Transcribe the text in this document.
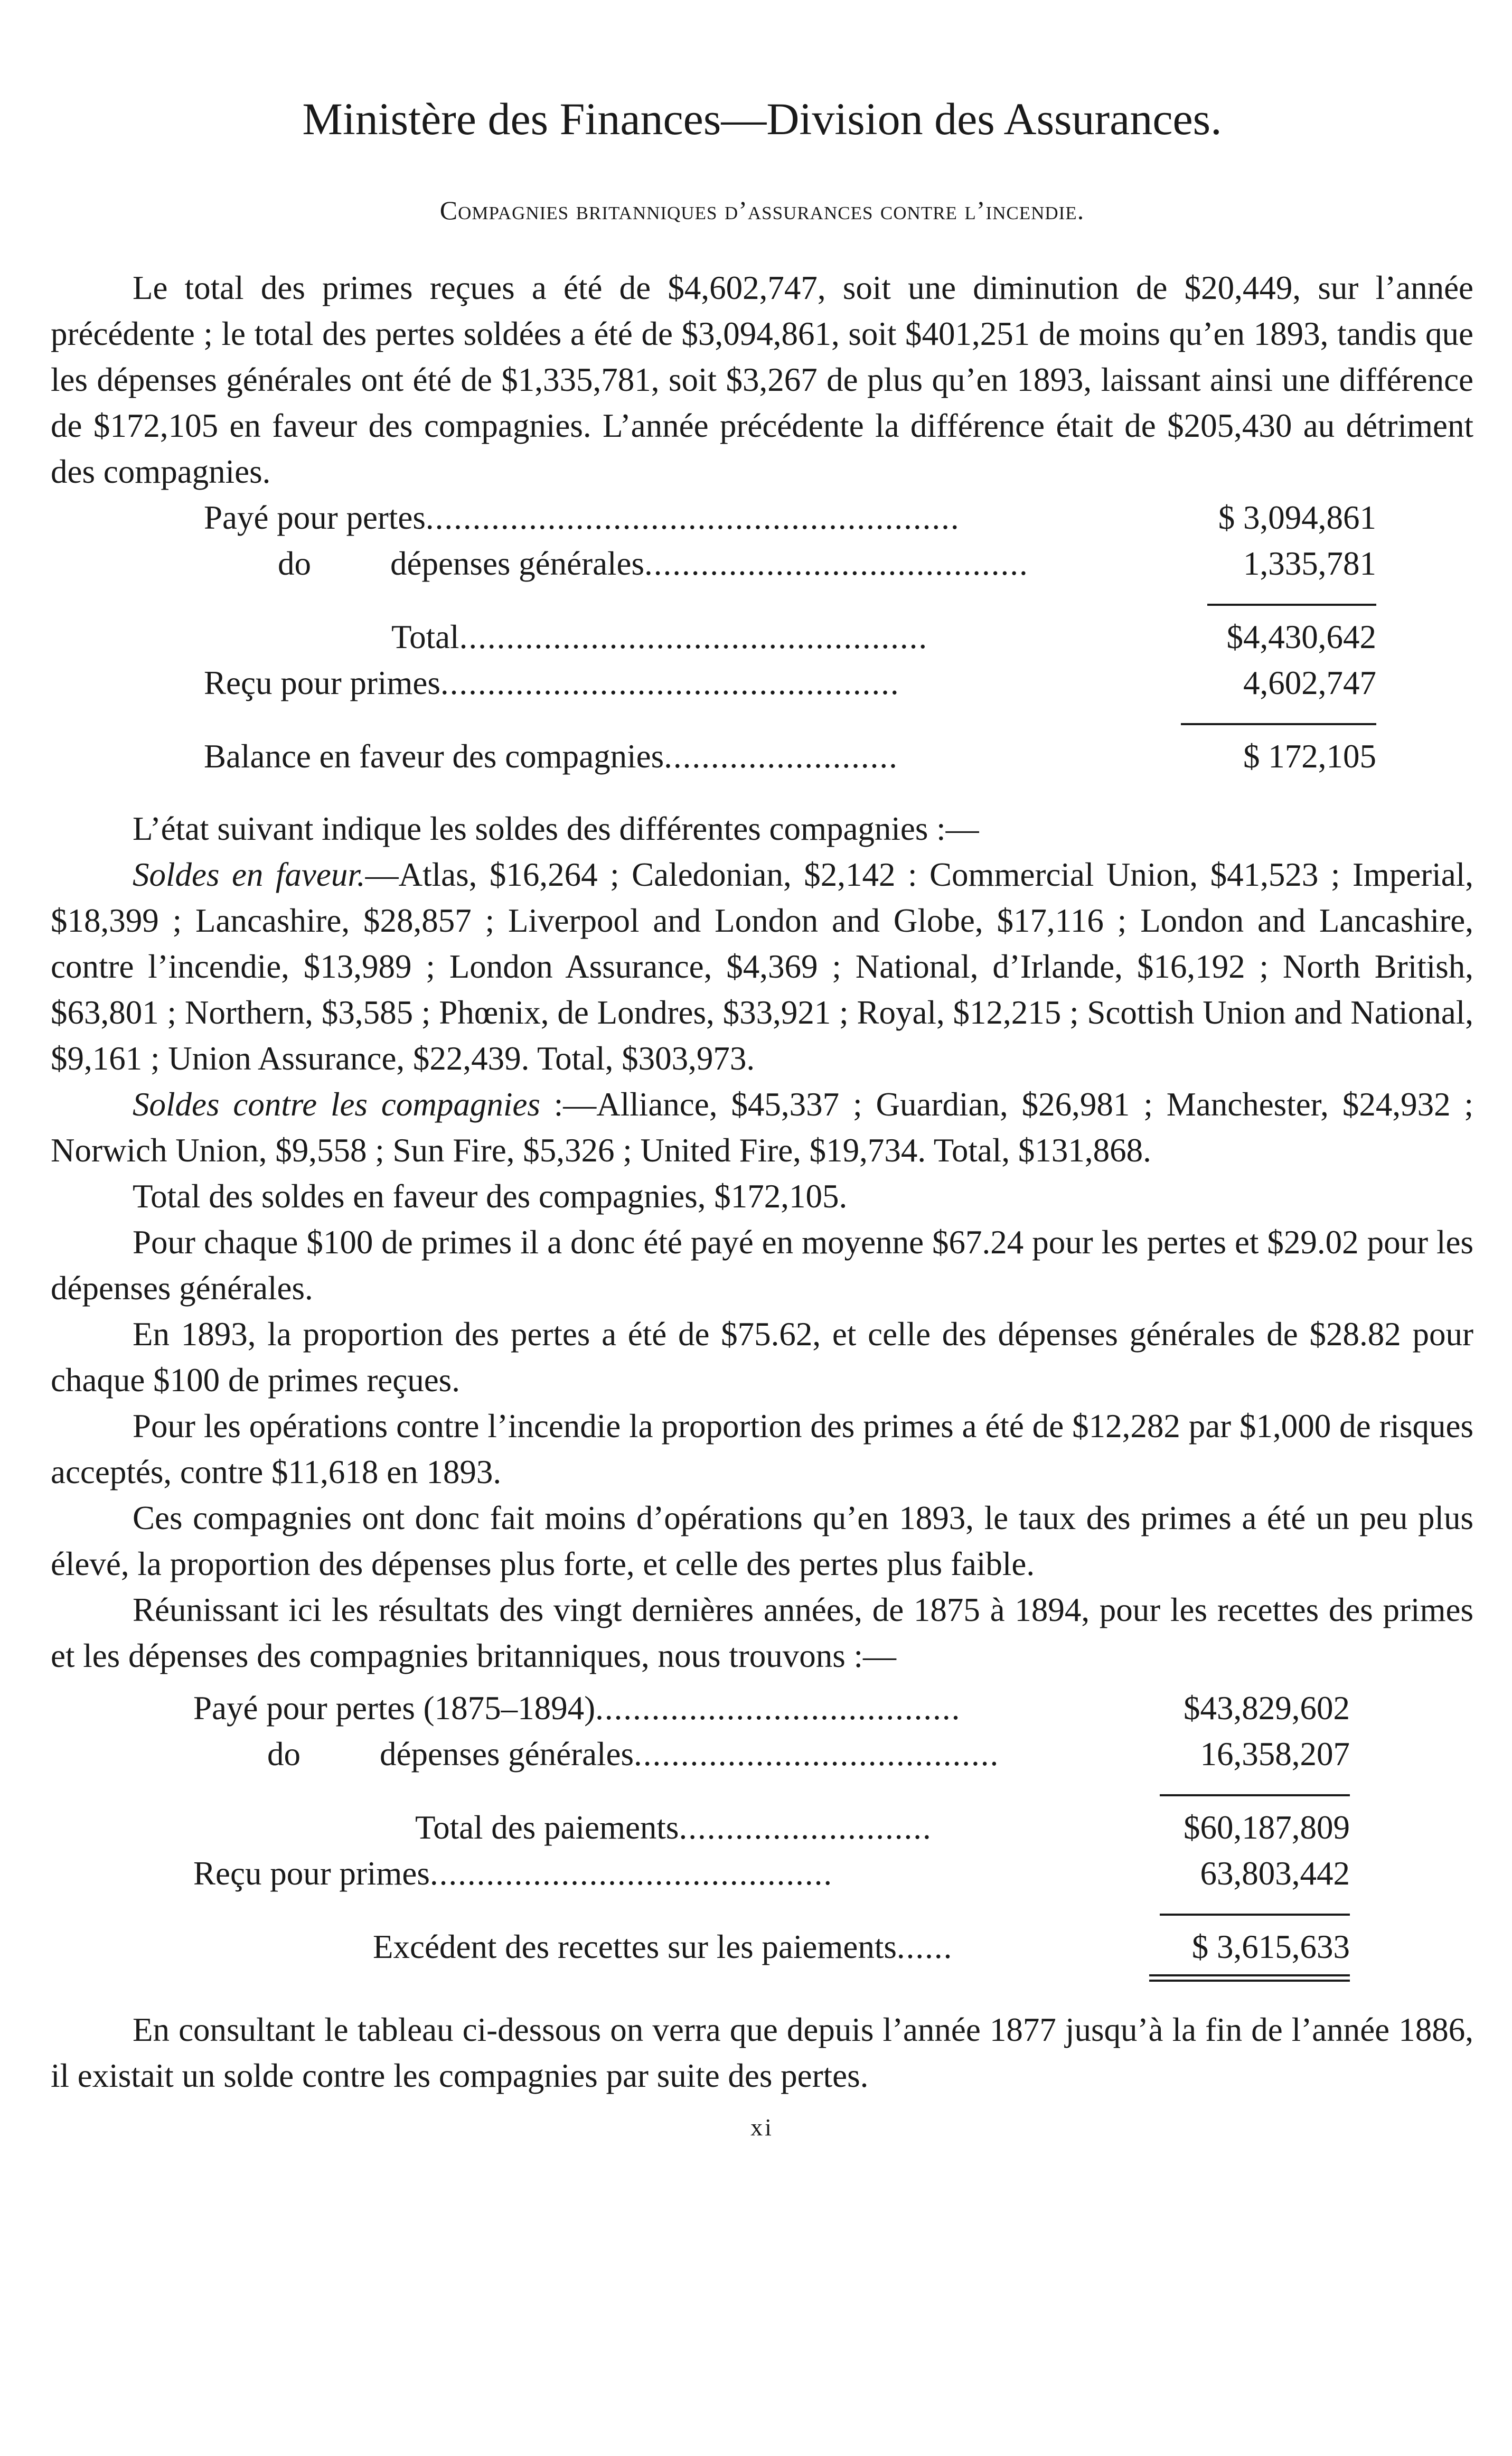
Ministère des Finances—Division des Assurances.
Compagnies britanniques d’assurances contre l’incendie.

Le total des primes reçues a été de $4,602,747, soit une diminution de $20,449, sur l’année précédente ; le total des pertes soldées a été de $3,094,861, soit $401,251 de moins qu’en 1893, tandis que les dépenses générales ont été de $1,335,781, soit $3,267 de plus qu’en 1893, laissant ainsi une différence de $172,105 en faveur des compagnies. L’année précédente la différence était de $205,430 au détriment des compagnies.

Payé pour pertes.........................................................	$ 3,094,861
do dépenses générales.........................................	1,335,781
Total..................................................	$4,430,642
Reçu pour primes.................................................	4,602,747
Balance en faveur des compagnies.........................	$ 172,105

L’état suivant indique les soldes des différentes compagnies :—

Soldes en faveur.—Atlas, $16,264 ; Caledonian, $2,142 : Commercial Union, $41,523 ; Imperial, $18,399 ; Lancashire, $28,857 ; Liverpool and London and Globe, $17,116 ; London and Lancashire, contre l’incendie, $13,989 ; London Assurance, $4,369 ; National, d’Irlande, $16,192 ; North British, $63,801 ; Northern, $3,585 ; Phœnix, de Londres, $33,921 ; Royal, $12,215 ; Scottish Union and National, $9,161 ; Union Assurance, $22,439. Total, $303,973.

Soldes contre les compagnies :—Alliance, $45,337 ; Guardian, $26,981 ; Manchester, $24,932 ; Norwich Union, $9,558 ; Sun Fire, $5,326 ; United Fire, $19,734. Total, $131,868.

Total des soldes en faveur des compagnies, $172,105.

Pour chaque $100 de primes il a donc été payé en moyenne $67.24 pour les pertes et $29.02 pour les dépenses générales.

En 1893, la proportion des pertes a été de $75.62, et celle des dépenses générales de $28.82 pour chaque $100 de primes reçues.

Pour les opérations contre l’incendie la proportion des primes a été de $12,282 par $1,000 de risques acceptés, contre $11,618 en 1893.

Ces compagnies ont donc fait moins d’opérations qu’en 1893, le taux des primes a été un peu plus élevé, la proportion des dépenses plus forte, et celle des pertes plus faible.

Réunissant ici les résultats des vingt dernières années, de 1875 à 1894, pour les recettes des primes et les dépenses des compagnies britanniques, nous trouvons :—

Payé pour pertes (1875–1894).......................................	$43,829,602
do dépenses générales.......................................	16,358,207
Total des paiements...........................	$60,187,809
Reçu pour primes...........................................	63,803,442
Excédent des recettes sur les paiements......	$ 3,615,633

En consultant le tableau ci-dessous on verra que depuis l’année 1877 jusqu’à la fin de l’année 1886, il existait un solde contre les compagnies par suite des pertes.

xi
